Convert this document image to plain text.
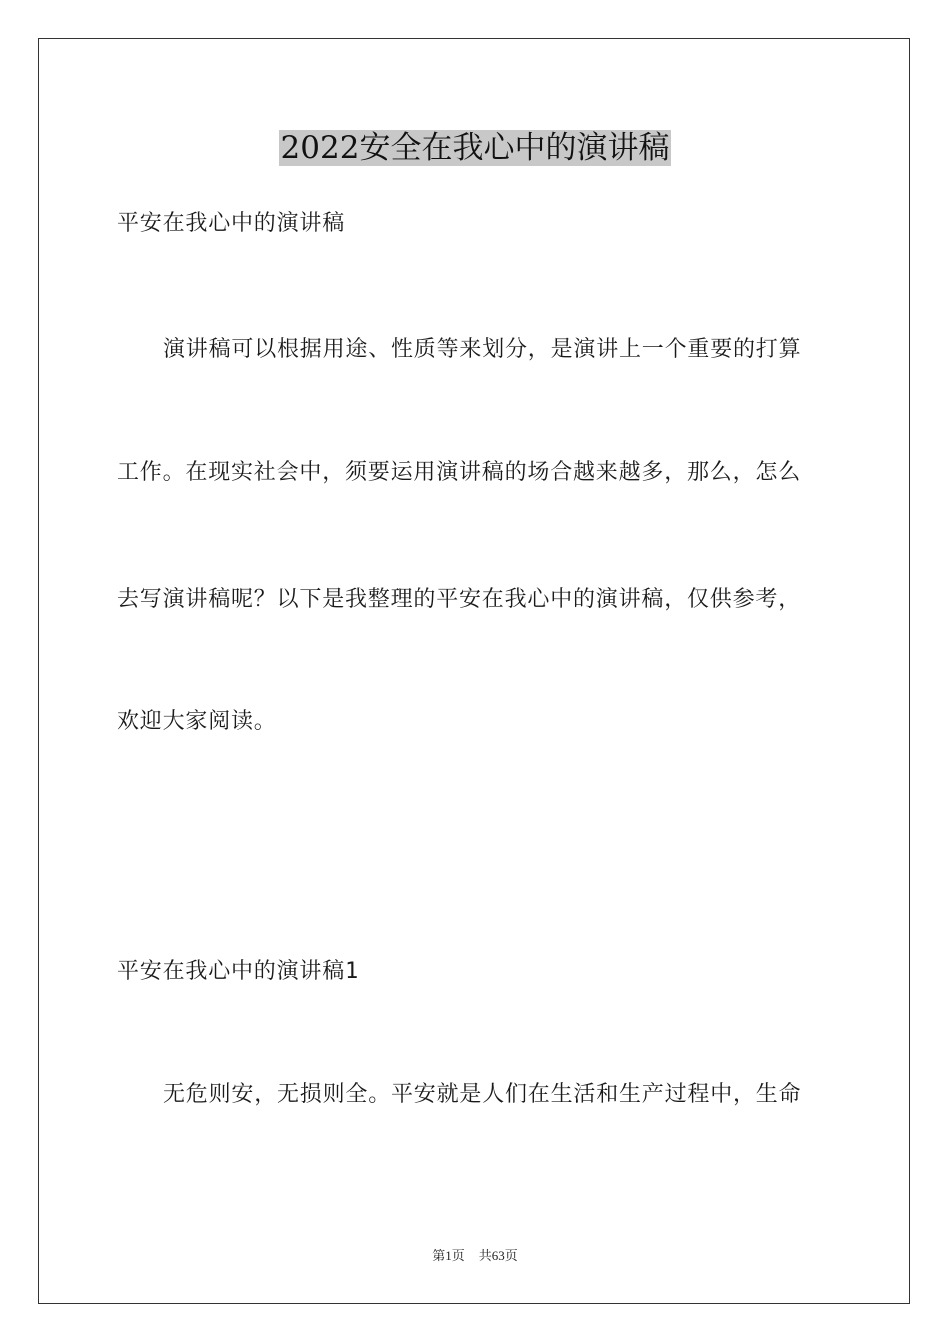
2022安全在我心中的演讲稿
平安在我心中的演讲稿
演讲稿可以根据用途、性质等来划分，是演讲上一个重要的打算
工作。在现实社会中，须要运用演讲稿的场合越来越多，那么，怎么
去写演讲稿呢？以下是我整理的平安在我心中的演讲稿，仅供参考，
欢迎大家阅读。
平安在我心中的演讲稿1
无危则安，无损则全。平安就是人们在生活和生产过程中，生命
第1页 共63页
